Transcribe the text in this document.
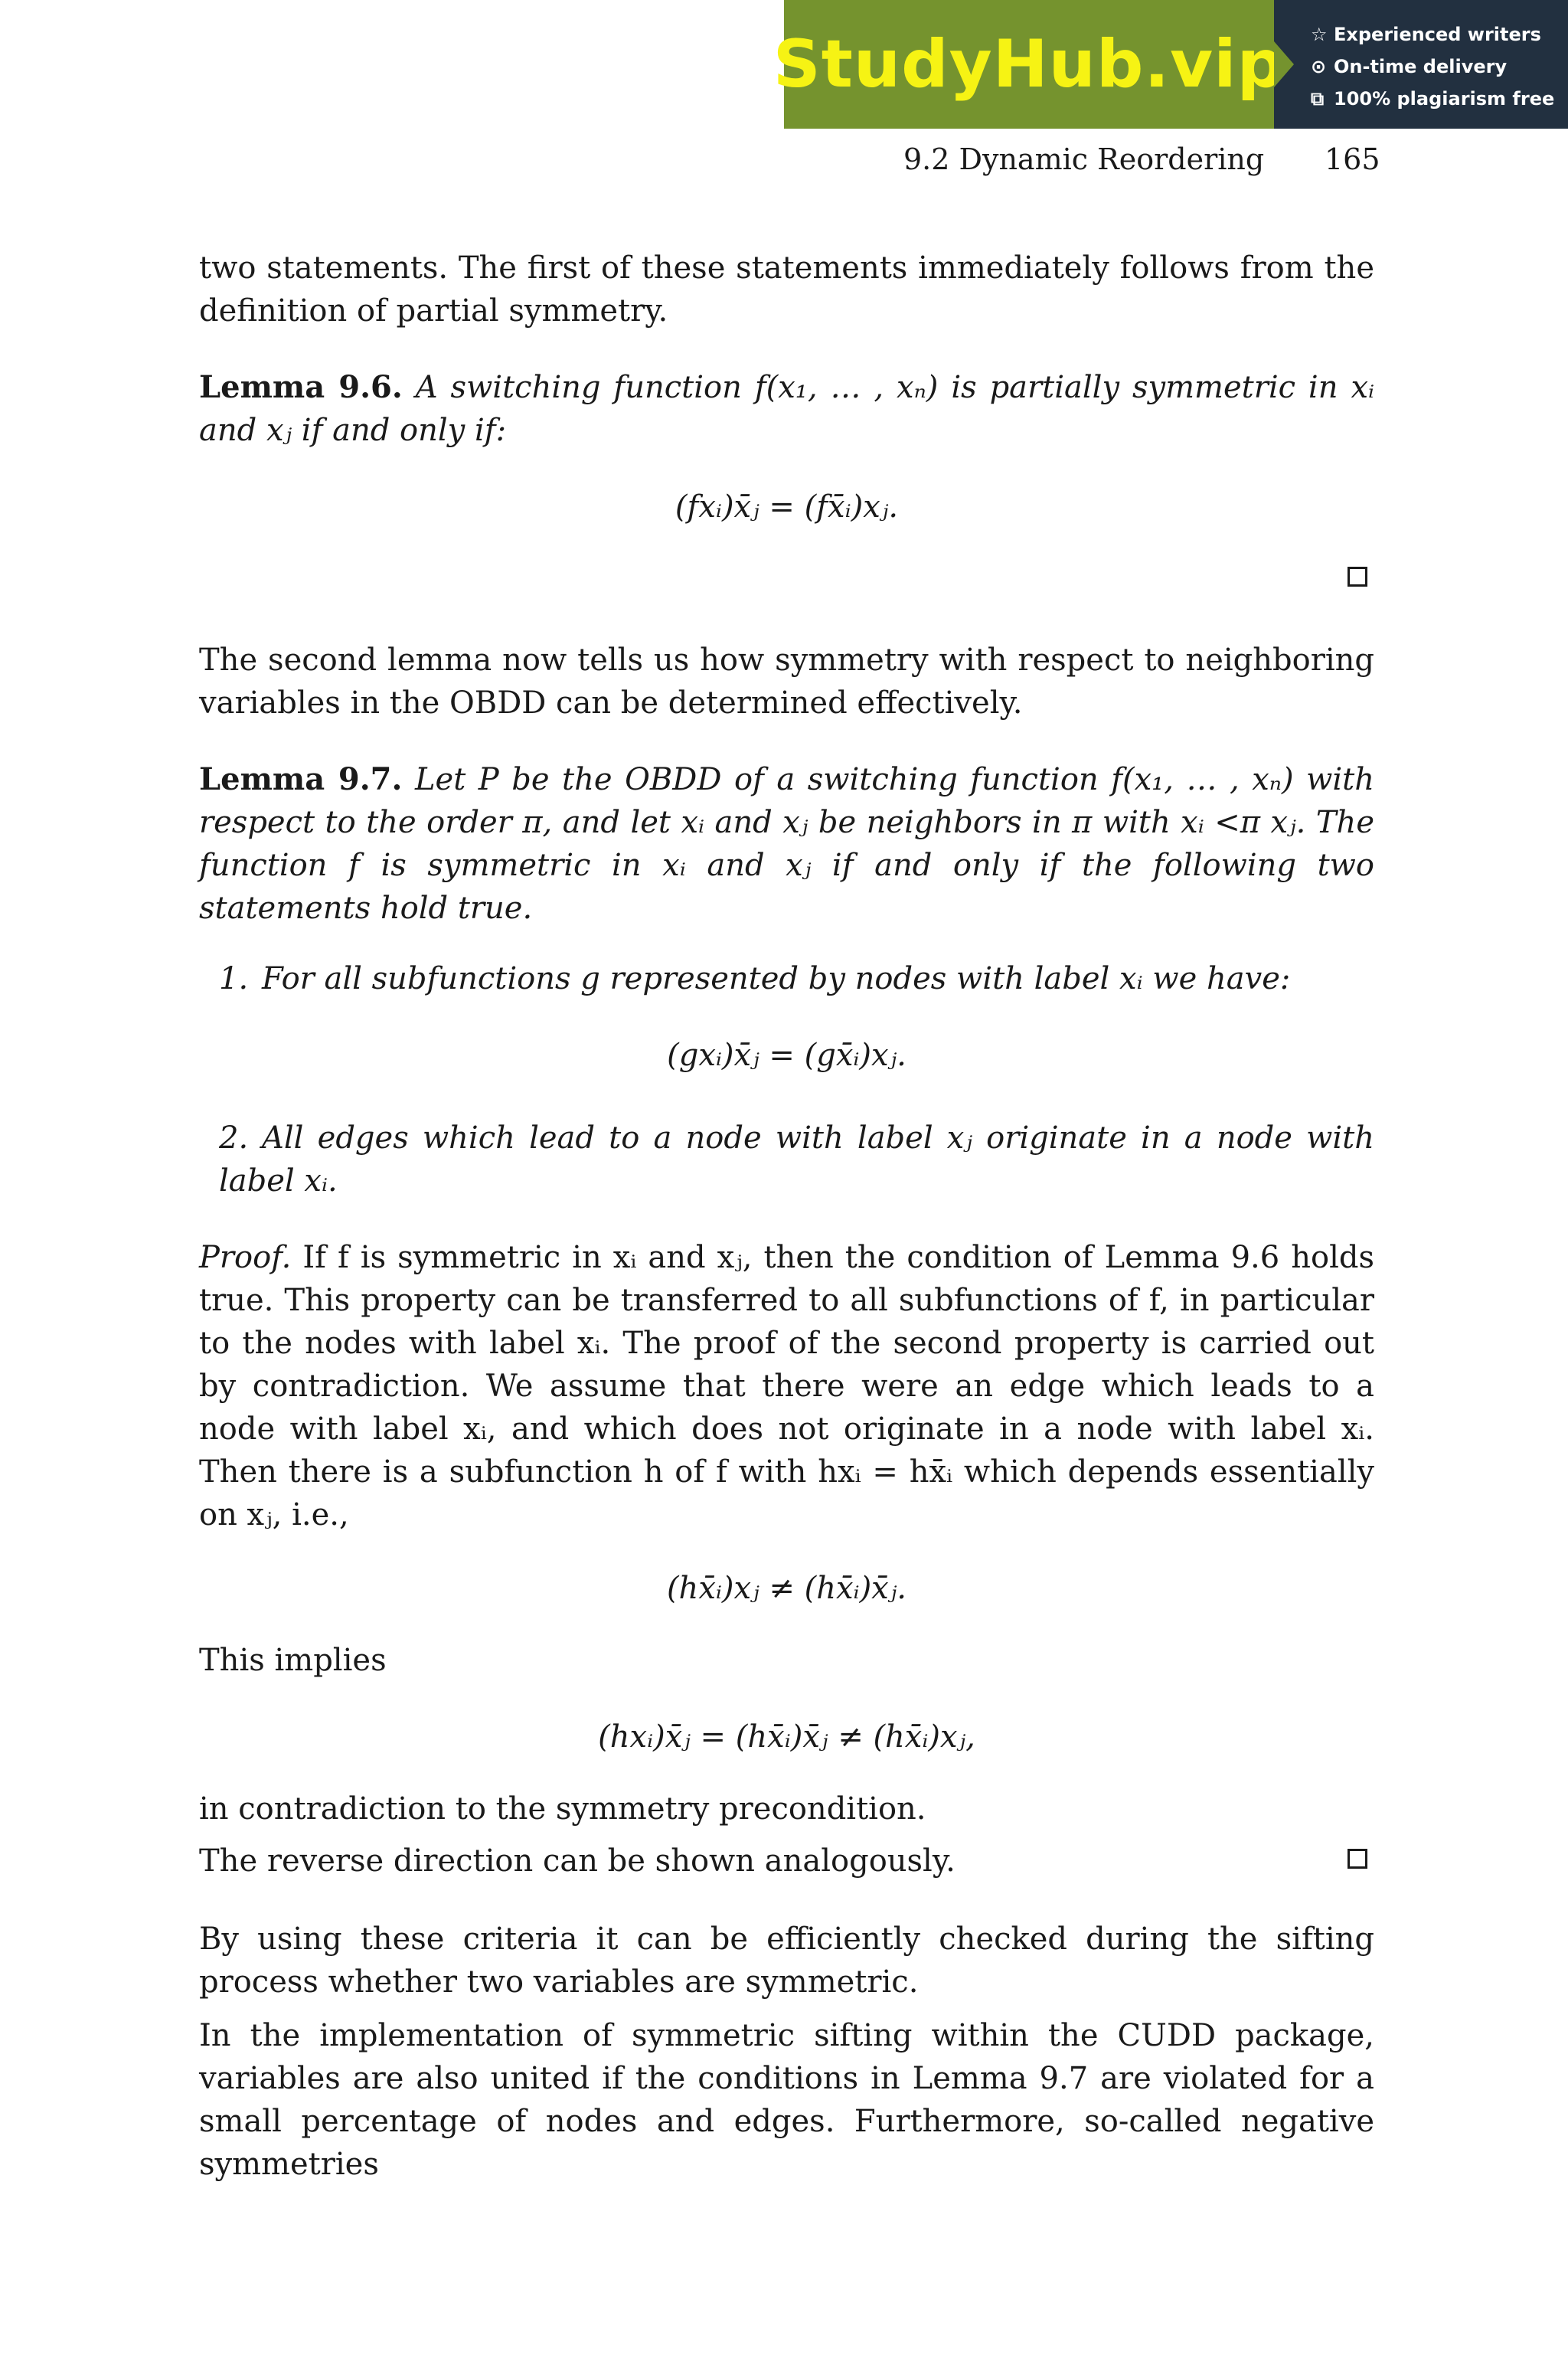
StudyHub.vip ☆ Experienced writers
⊙ On-time delivery
⧉ 100% plagiarism free
9.2 Dynamic Reordering 165

two statements. The first of these statements immediately follows from the definition of partial symmetry.

Lemma 9.6. A switching function f(x₁, … , xₙ) is partially symmetric in xᵢ and xⱼ if and only if:

(fxᵢ)x̄ⱼ = (fx̄ᵢ)xⱼ.

The second lemma now tells us how symmetry with respect to neighboring variables in the OBDD can be determined effectively.

Lemma 9.7. Let P be the OBDD of a switching function f(x₁, … , xₙ) with respect to the order π, and let xᵢ and xⱼ be neighbors in π with xᵢ <π xⱼ. The function f is symmetric in xᵢ and xⱼ if and only if the following two statements hold true.

1. For all subfunctions g represented by nodes with label xᵢ we have:
(gxᵢ)x̄ⱼ = (gx̄ᵢ)xⱼ.
2. All edges which lead to a node with label xⱼ originate in a node with label xᵢ.

Proof. If f is symmetric in xᵢ and xⱼ, then the condition of Lemma 9.6 holds true. This property can be transferred to all subfunctions of f, in particular to the nodes with label xᵢ. The proof of the second property is carried out by contradiction. We assume that there were an edge which leads to a node with label xᵢ, and which does not originate in a node with label xᵢ. Then there is a subfunction h of f with hxᵢ = hx̄ᵢ which depends essentially on xⱼ, i.e.,

(hx̄ᵢ)xⱼ ≠ (hx̄ᵢ)x̄ⱼ.

This implies

(hxᵢ)x̄ⱼ = (hx̄ᵢ)x̄ⱼ ≠ (hx̄ᵢ)xⱼ,

in contradiction to the symmetry precondition.

The reverse direction can be shown analogously.

By using these criteria it can be efficiently checked during the sifting process whether two variables are symmetric.

In the implementation of symmetric sifting within the CUDD package, variables are also united if the conditions in Lemma 9.7 are violated for a small percentage of nodes and edges. Furthermore, so-called negative symmetries
